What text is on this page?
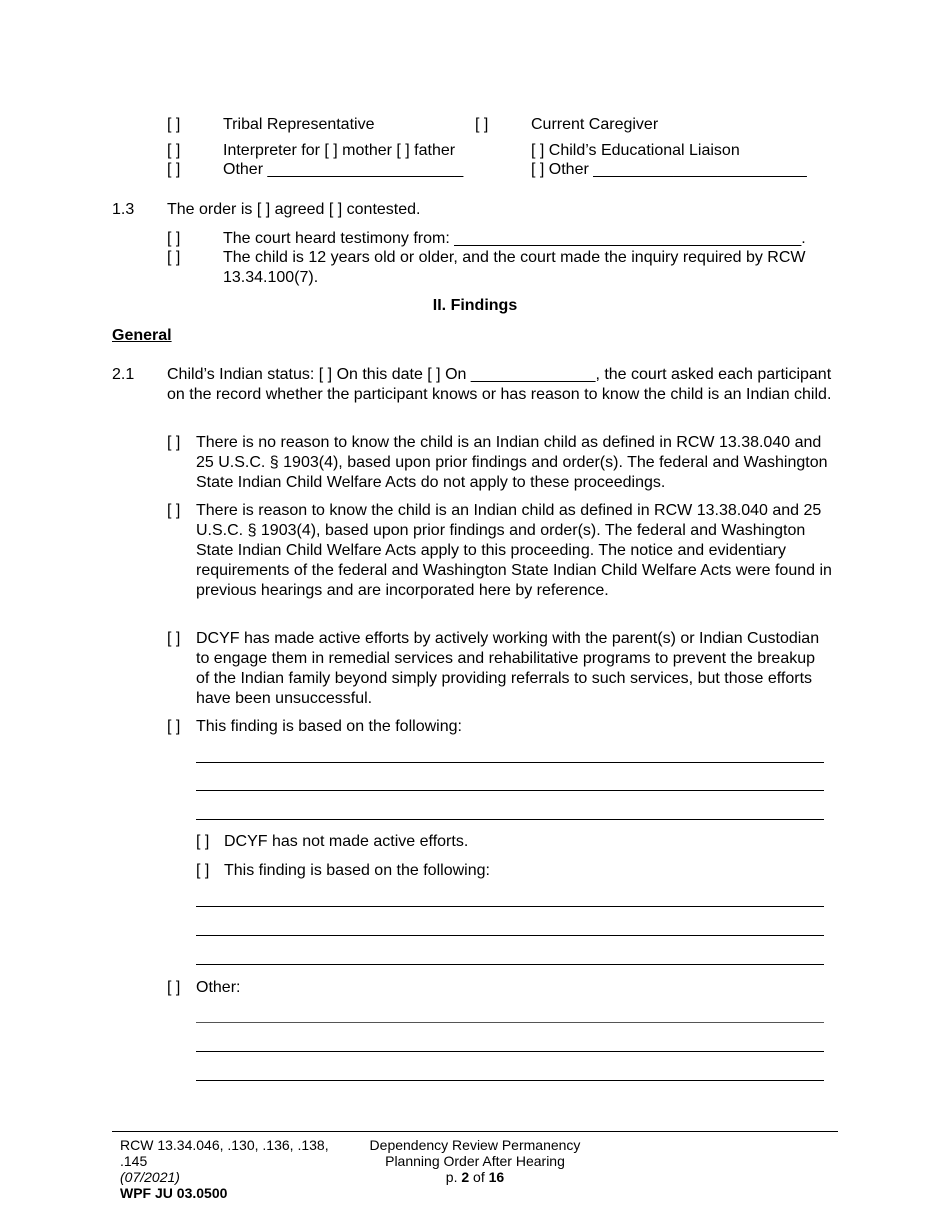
[ ]	Tribal Representative	[ ]	Current Caregiver
[ ]	Interpreter for [ ] mother [ ] father	[ ] Child’s Educational Liaison
[ ]	Other ______________________	[ ] Other ________________________
1.3 The order is [ ] agreed [ ] contested.
[ ]	The court heard testimony from: _______________________________________.
[ ]	The child is 12 years old or older, and the court made the inquiry required by RCW 13.34.100(7).
II. Findings
General
2.1 Child’s Indian status: [ ] On this date [ ] On ______________, the court asked each participant on the record whether the participant knows or has reason to know the child is an Indian child.
[ ] There is no reason to know the child is an Indian child as defined in RCW 13.38.040 and 25 U.S.C. § 1903(4), based upon prior findings and order(s). The federal and Washington State Indian Child Welfare Acts do not apply to these proceedings.
[ ] There is reason to know the child is an Indian child as defined in RCW 13.38.040 and 25 U.S.C. § 1903(4), based upon prior findings and order(s). The federal and Washington State Indian Child Welfare Acts apply to this proceeding. The notice and evidentiary requirements of the federal and Washington State Indian Child Welfare Acts were found in previous hearings and are incorporated here by reference.
[ ] DCYF has made active efforts by actively working with the parent(s) or Indian Custodian to engage them in remedial services and rehabilitative programs to prevent the breakup of the Indian family beyond simply providing referrals to such services, but those efforts have been unsuccessful.
[ ] This finding is based on the following:
[ ] DCYF has not made active efforts.
[ ] This finding is based on the following:
[ ] Other:
RCW 13.34.046, .130, .136, .138,
.145
(07/2021)
WPF JU 03.0500
Dependency Review Permanency
Planning Order After Hearing
p. 2 of 16
